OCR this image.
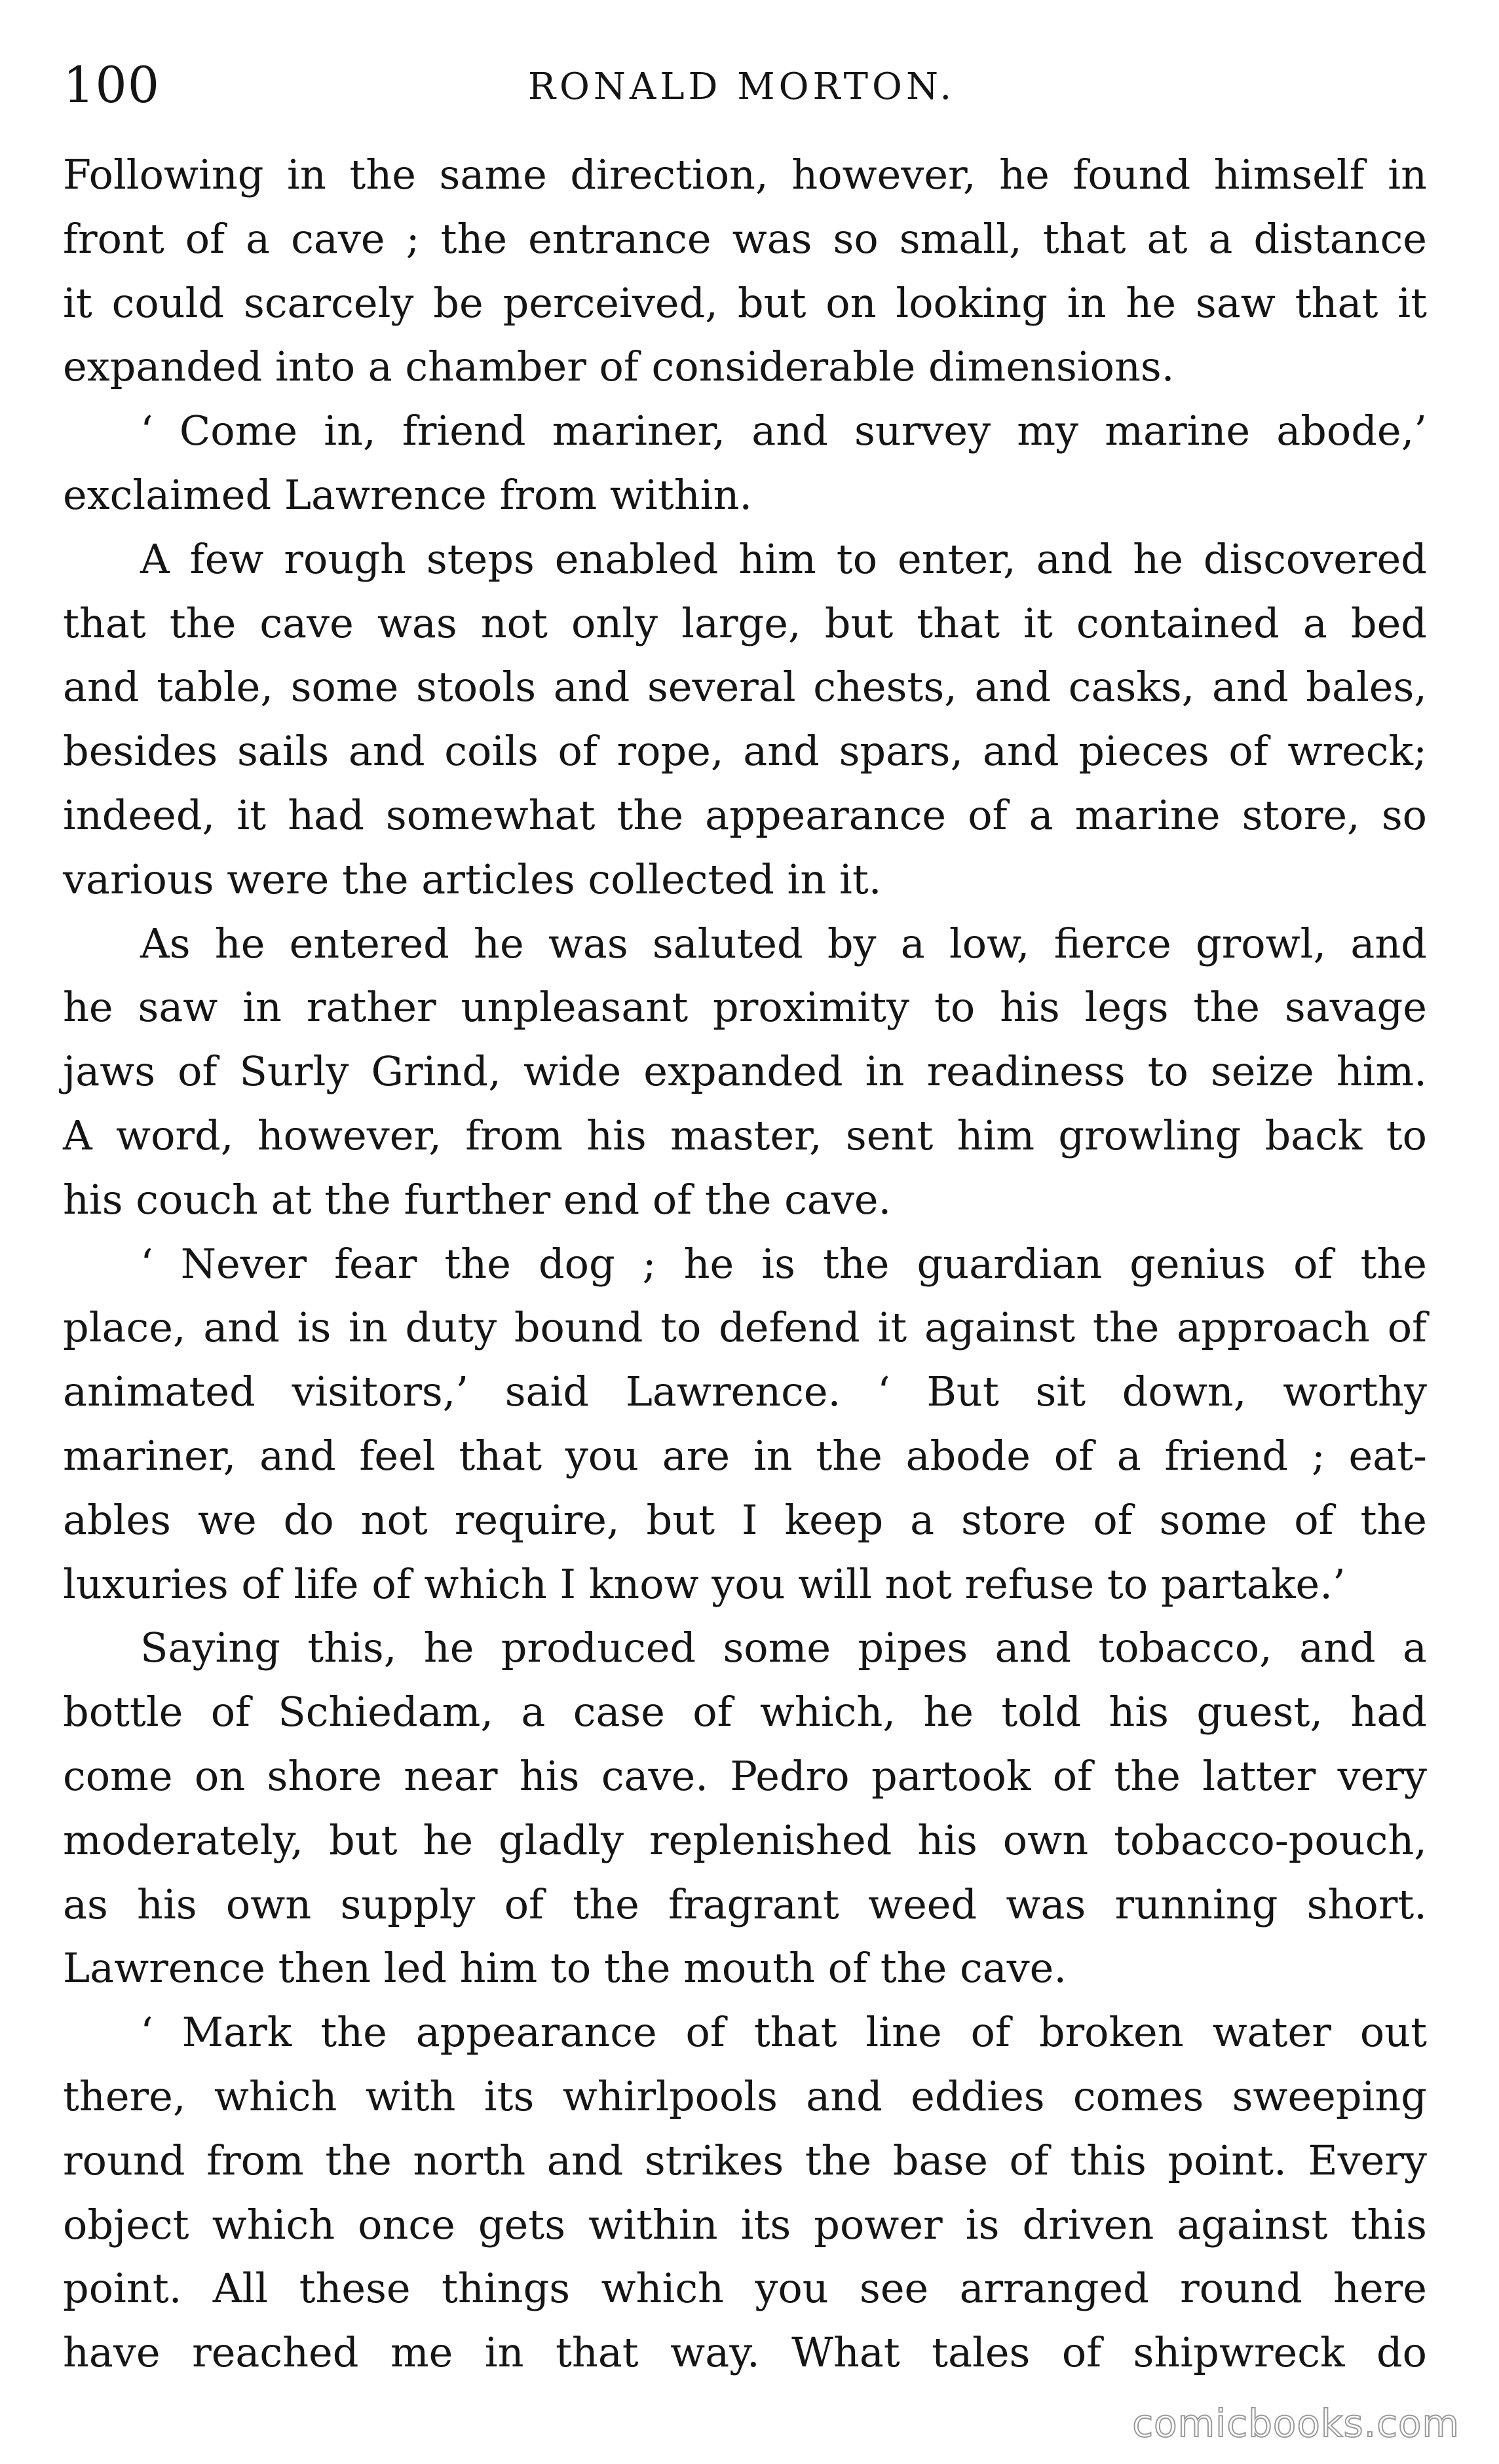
100	RONALD MORTON.
Following in the same direction, however, he found himself in
front of a cave ; the entrance was so small, that at a distance
it could scarcely be perceived, but on looking in he saw that it
expanded into a chamber of considerable dimensions.
‘ Come in, friend mariner, and survey my marine abode,’
exclaimed Lawrence from within.
A few rough steps enabled him to enter, and he discovered
that the cave was not only large, but that it contained a bed
and table, some stools and several chests, and casks, and bales,
besides sails and coils of rope, and spars, and pieces of wreck;
indeed, it had somewhat the appearance of a marine store, so
various were the articles collected in it.
As he entered he was saluted by a low, fierce growl, and
he saw in rather unpleasant proximity to his legs the savage
jaws of Surly Grind, wide expanded in readiness to seize him.
A word, however, from his master, sent him growling back to
his couch at the further end of the cave.
‘ Never fear the dog ; he is the guardian genius of the
place, and is in duty bound to defend it against the approach of
animated visitors,’ said Lawrence. ‘ But sit down, worthy
mariner, and feel that you are in the abode of a friend ; eat-
ables we do not require, but I keep a store of some of the
luxuries of life of which I know you will not refuse to partake.’
Saying this, he produced some pipes and tobacco, and a
bottle of Schiedam, a case of which, he told his guest, had
come on shore near his cave. Pedro partook of the latter very
moderately, but he gladly replenished his own tobacco-pouch,
as his own supply of the fragrant weed was running short.
Lawrence then led him to the mouth of the cave.
‘ Mark the appearance of that line of broken water out
there, which with its whirlpools and eddies comes sweeping
round from the north and strikes the base of this point. Every
object which once gets within its power is driven against this
point. All these things which you see arranged round here
have reached me in that way. What tales of shipwreck do
comicbooks.com
